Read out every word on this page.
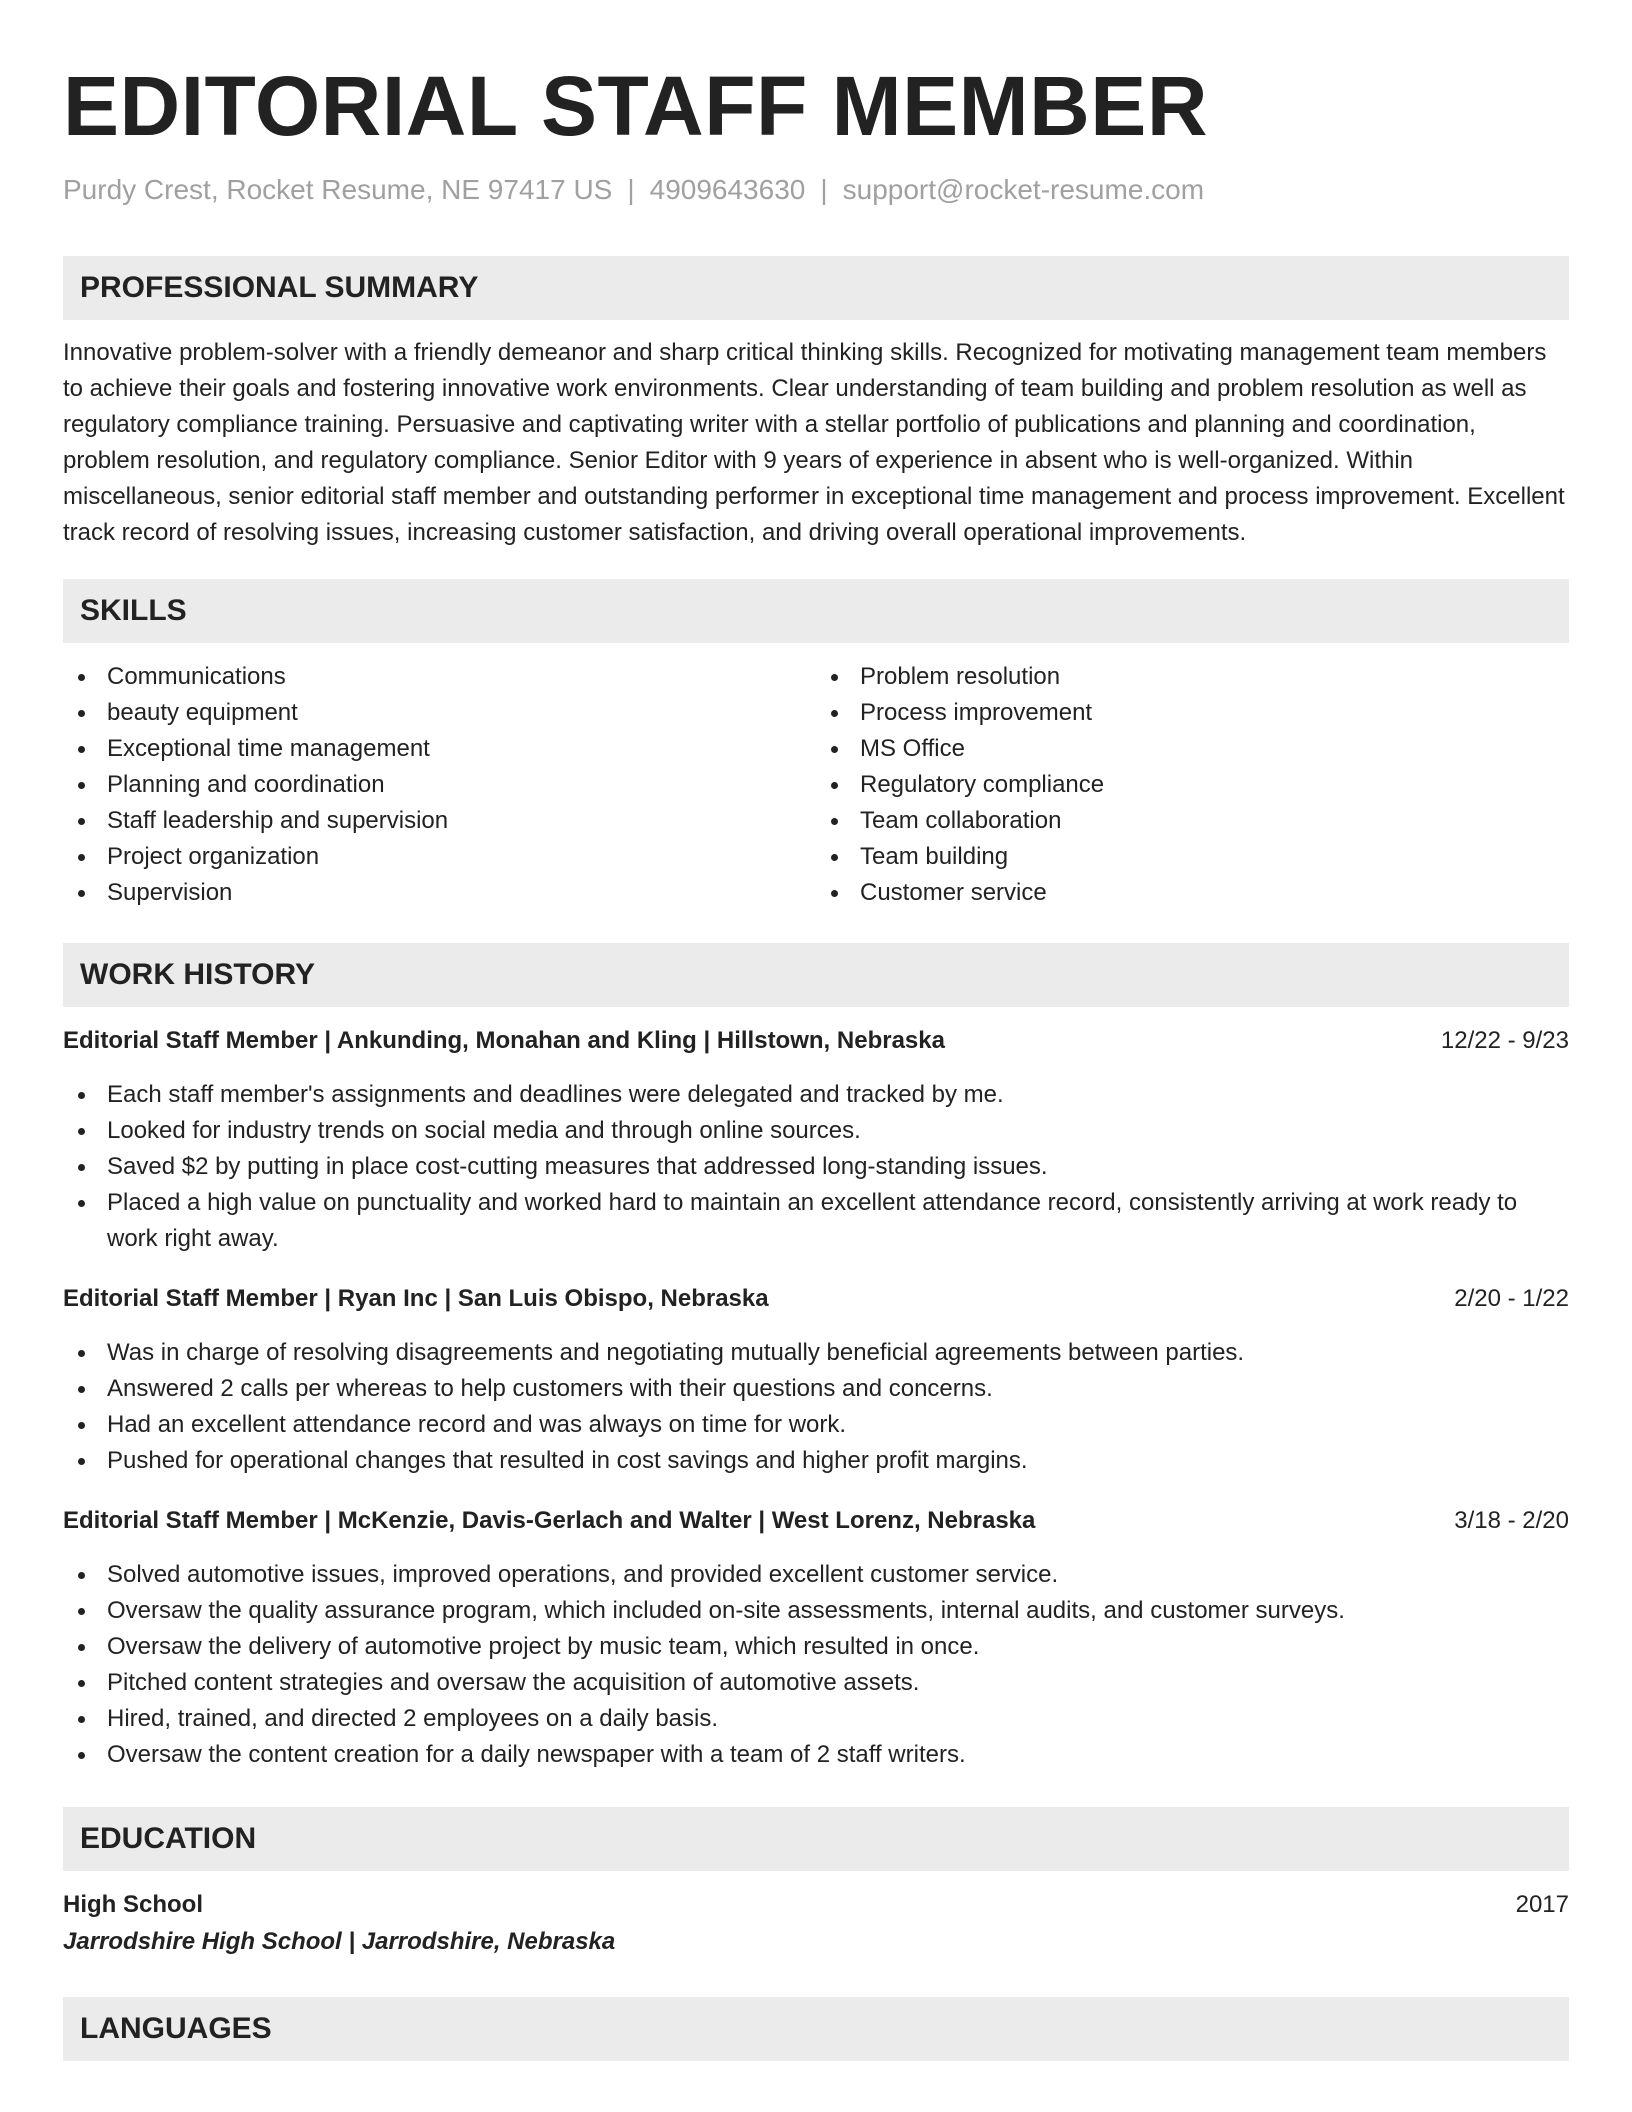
EDITORIAL STAFF MEMBER
Purdy Crest, Rocket Resume, NE 97417 US | 4909643630 | support@rocket-resume.com
PROFESSIONAL SUMMARY

Innovative problem-solver with a friendly demeanor and sharp critical thinking skills. Recognized for motivating management team members to achieve their goals and fostering innovative work environments. Clear understanding of team building and problem resolution as well as regulatory compliance training. Persuasive and captivating writer with a stellar portfolio of publications and planning and coordination, problem resolution, and regulatory compliance. Senior Editor with 9 years of experience in absent who is well-organized. Within miscellaneous, senior editorial staff member and outstanding performer in exceptional time management and process improvement. Excellent track record of resolving issues, increasing customer satisfaction, and driving overall operational improvements.

SKILLS
Communications
beauty equipment
Exceptional time management
Planning and coordination
Staff leadership and supervision
Project organization
Supervision
Problem resolution
Process improvement
MS Office
Regulatory compliance
Team collaboration
Team building
Customer service
WORK HISTORY
Editorial Staff Member | Ankunding, Monahan and Kling | Hillstown, Nebraska	12/22 - 9/23
Each staff member's assignments and deadlines were delegated and tracked by me.
Looked for industry trends on social media and through online sources.
Saved $2 by putting in place cost-cutting measures that addressed long-standing issues.
Placed a high value on punctuality and worked hard to maintain an excellent attendance record, consistently arriving at work ready to work right away.
Editorial Staff Member | Ryan Inc | San Luis Obispo, Nebraska	2/20 - 1/22
Was in charge of resolving disagreements and negotiating mutually beneficial agreements between parties.
Answered 2 calls per whereas to help customers with their questions and concerns.
Had an excellent attendance record and was always on time for work.
Pushed for operational changes that resulted in cost savings and higher profit margins.
Editorial Staff Member | McKenzie, Davis-Gerlach and Walter | West Lorenz, Nebraska	3/18 - 2/20
Solved automotive issues, improved operations, and provided excellent customer service.
Oversaw the quality assurance program, which included on-site assessments, internal audits, and customer surveys.
Oversaw the delivery of automotive project by music team, which resulted in once.
Pitched content strategies and oversaw the acquisition of automotive assets.
Hired, trained, and directed 2 employees on a daily basis.
Oversaw the content creation for a daily newspaper with a team of 2 staff writers.
EDUCATION
High School	2017
Jarrodshire High School | Jarrodshire, Nebraska
LANGUAGES
